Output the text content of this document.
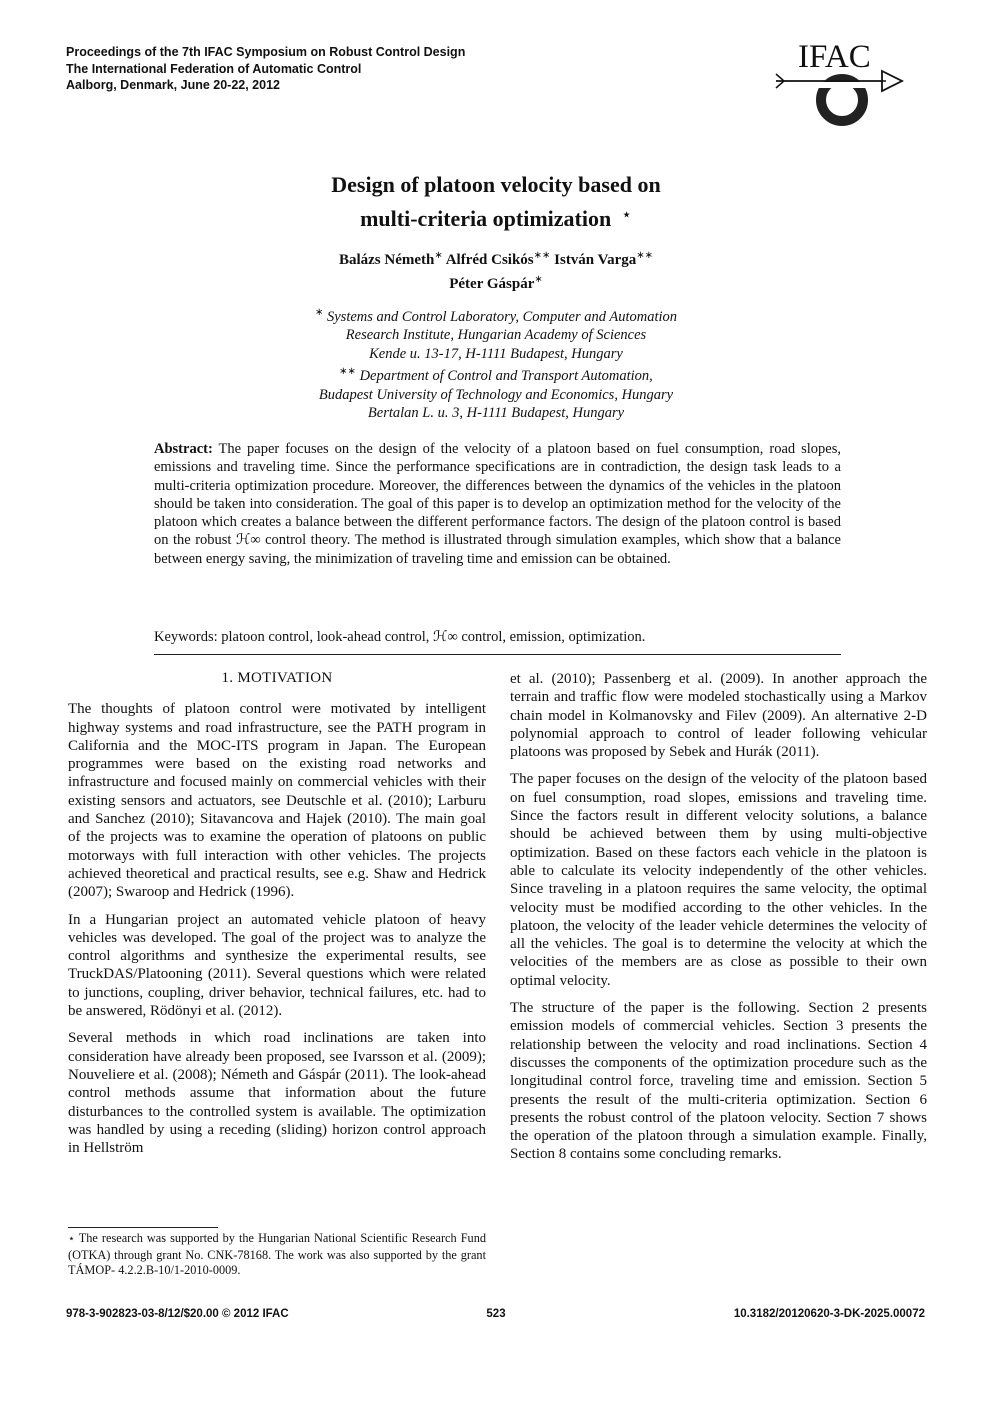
Proceedings of the 7th IFAC Symposium on Robust Control Design
The International Federation of Automatic Control
Aalborg, Denmark, June 20-22, 2012
IFAC
Design of platoon velocity based on
multi-criteria optimization ⋆
Balázs Németh∗ Alfréd Csikós∗∗ István Varga∗∗
Péter Gáspár∗
∗ Systems and Control Laboratory, Computer and Automation
Research Institute, Hungarian Academy of Sciences
Kende u. 13-17, H-1111 Budapest, Hungary
∗∗ Department of Control and Transport Automation,
Budapest University of Technology and Economics, Hungary
Bertalan L. u. 3, H-1111 Budapest, Hungary
Abstract: The paper focuses on the design of the velocity of a platoon based on fuel consumption, road slopes, emissions and traveling time. Since the performance specifications are in contradiction, the design task leads to a multi-criteria optimization procedure. Moreover, the differences between the dynamics of the vehicles in the platoon should be taken into consideration. The goal of this paper is to develop an optimization method for the velocity of the platoon which creates a balance between the different performance factors. The design of the platoon control is based on the robust ℋ∞ control theory. The method is illustrated through simulation examples, which show that a balance between energy saving, the minimization of traveling time and emission can be obtained.
Keywords: platoon control, look-ahead control, ℋ∞ control, emission, optimization.
1. MOTIVATION

The thoughts of platoon control were motivated by intelligent highway systems and road infrastructure, see the PATH program in California and the MOC-ITS program in Japan. The European programmes were based on the existing road networks and infrastructure and focused mainly on commercial vehicles with their existing sensors and actuators, see Deutschle et al. (2010); Larburu and Sanchez (2010); Sitavancova and Hajek (2010). The main goal of the projects was to examine the operation of platoons on public motorways with full interaction with other vehicles. The projects achieved theoretical and practical results, see e.g. Shaw and Hedrick (2007); Swaroop and Hedrick (1996).

In a Hungarian project an automated vehicle platoon of heavy vehicles was developed. The goal of the project was to analyze the control algorithms and synthesize the experimental results, see TruckDAS/Platooning (2011). Several questions which were related to junctions, coupling, driver behavior, technical failures, etc. had to be answered, Rödönyi et al. (2012).

Several methods in which road inclinations are taken into consideration have already been proposed, see Ivarsson et al. (2009); Nouveliere et al. (2008); Németh and Gáspár (2011). The look-ahead control methods assume that information about the future disturbances to the controlled system is available. The optimization was handled by using a receding (sliding) horizon control approach in Hellström

et al. (2010); Passenberg et al. (2009). In another approach the terrain and traffic flow were modeled stochastically using a Markov chain model in Kolmanovsky and Filev (2009). An alternative 2-D polynomial approach to control of leader following vehicular platoons was proposed by Sebek and Hurák (2011).

The paper focuses on the design of the velocity of the platoon based on fuel consumption, road slopes, emissions and traveling time. Since the factors result in different velocity solutions, a balance should be achieved between them by using multi-objective optimization. Based on these factors each vehicle in the platoon is able to calculate its velocity independently of the other vehicles. Since traveling in a platoon requires the same velocity, the optimal velocity must be modified according to the other vehicles. In the platoon, the velocity of the leader vehicle determines the velocity of all the vehicles. The goal is to determine the velocity at which the velocities of the members are as close as possible to their own optimal velocity.

The structure of the paper is the following. Section 2 presents emission models of commercial vehicles. Section 3 presents the relationship between the velocity and road inclinations. Section 4 discusses the components of the optimization procedure such as the longitudinal control force, traveling time and emission. Section 5 presents the result of the multi-criteria optimization. Section 6 presents the robust control of the platoon velocity. Section 7 shows the operation of the platoon through a simulation example. Finally, Section 8 contains some concluding remarks.

⋆ The research was supported by the Hungarian National Scientific Research Fund (OTKA) through grant No. CNK-78168. The work was also supported by the grant TÁMOP- 4.2.2.B-10/1-2010-0009.
978-3-902823-03-8/12/$20.00 © 2012 IFAC	523	10.3182/20120620-3-DK-2025.00072
